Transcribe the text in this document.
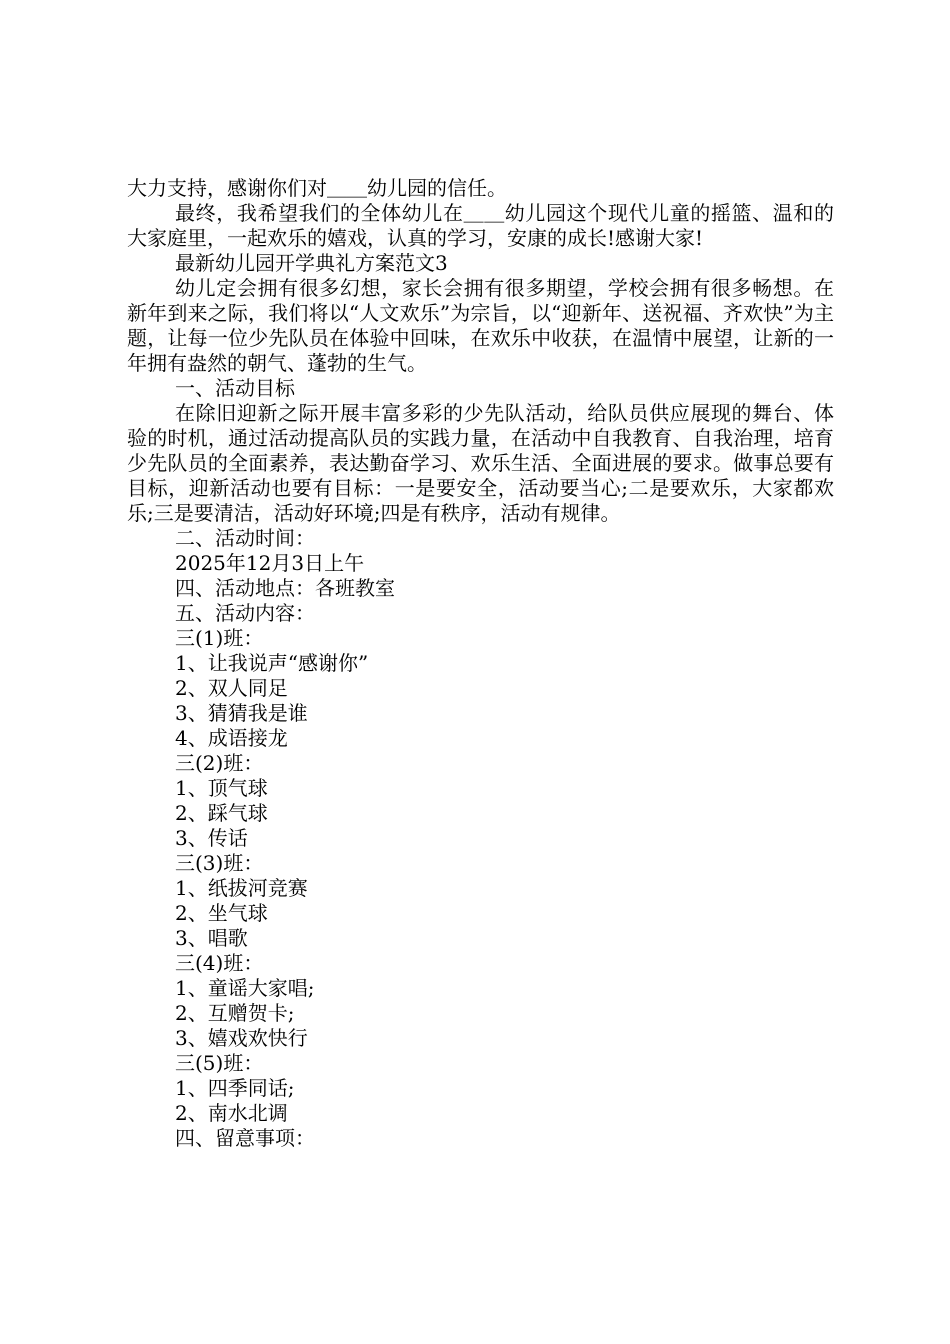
大力支持，感谢你们对＿＿幼儿园的信任。

最终，我希望我们的全体幼儿在＿＿幼儿园这个现代儿童的摇篮、温和的大家庭里，一起欢乐的嬉戏，认真的学习，安康的成长!感谢大家!

最新幼儿园开学典礼方案范文3

幼儿定会拥有很多幻想，家长会拥有很多期望，学校会拥有很多畅想。在新年到来之际，我们将以“人文欢乐”为宗旨，以“迎新年、送祝福、齐欢快”为主题，让每一位少先队员在体验中回味，在欢乐中收获，在温情中展望，让新的一年拥有盎然的朝气、蓬勃的生气。

一、活动目标

在除旧迎新之际开展丰富多彩的少先队活动，给队员供应展现的舞台、体验的时机，通过活动提高队员的实践力量，在活动中自我教育、自我治理，培育少先队员的全面素养，表达勤奋学习、欢乐生活、全面进展的要求。做事总要有目标，迎新活动也要有目标：一是要安全，活动要当心;二是要欢乐，大家都欢乐;三是要清洁，活动好环境;四是有秩序，活动有规律。

二、活动时间：

2025年12月3日上午

四、活动地点：各班教室

五、活动内容：

三(1)班：

1、让我说声“感谢你”

2、双人同足

3、猜猜我是谁

4、成语接龙

三(2)班：

1、顶气球

2、踩气球

3、传话

三(3)班：

1、纸拔河竞赛

2、坐气球

3、唱歌

三(4)班：

1、童谣大家唱;

2、互赠贺卡;

3、嬉戏欢快行

三(5)班：

1、四季同话;

2、南水北调

四、留意事项：
